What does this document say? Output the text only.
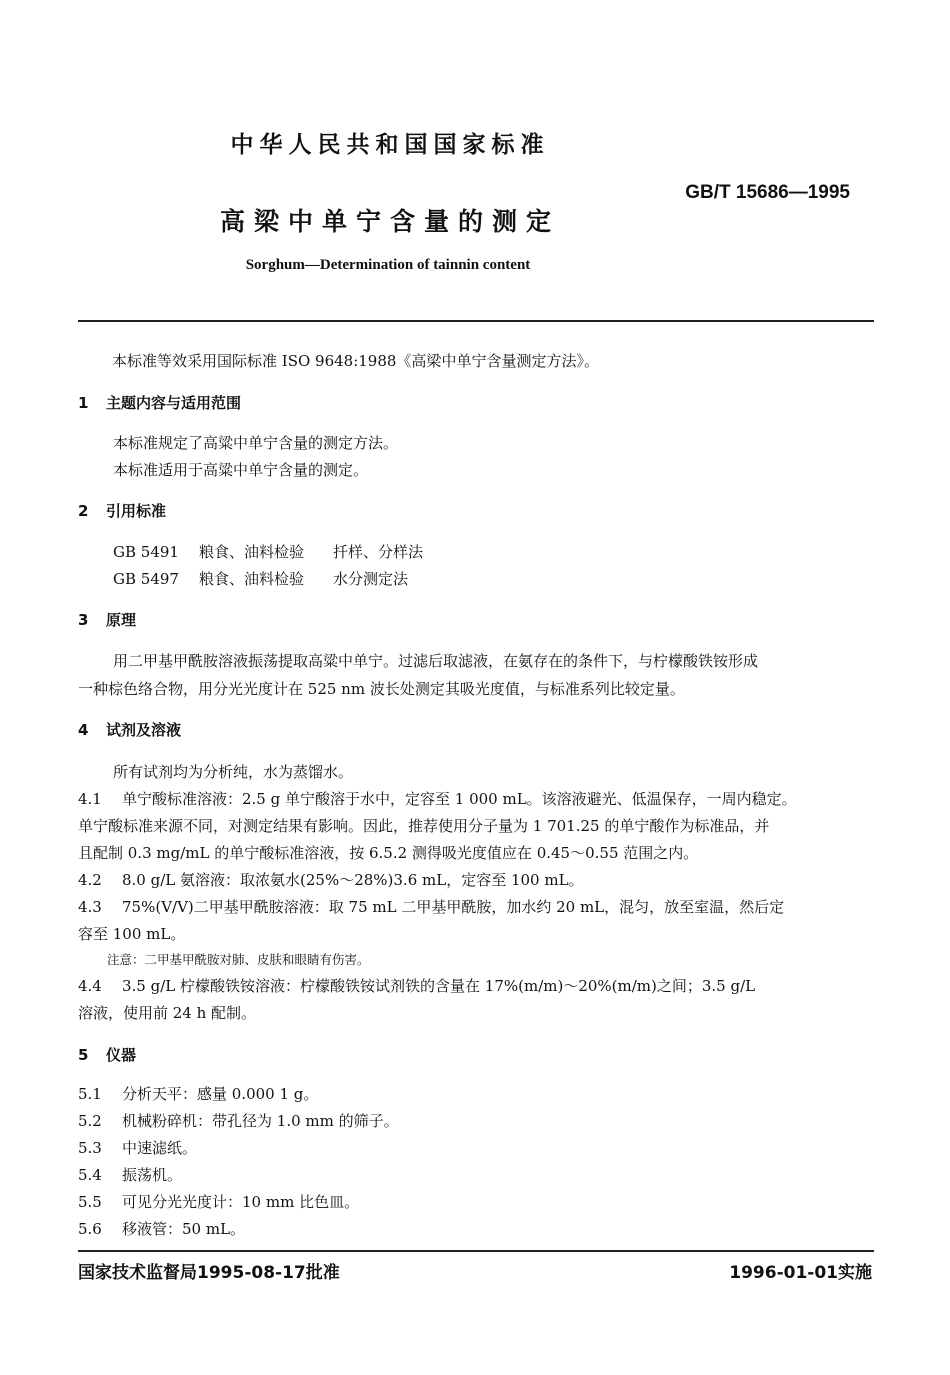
中华人民共和国国家标准
GB/T 15686—1995
高梁中单宁含量的测定
Sorghum—Determination of tainnin content
本标准等效采用国际标准 ISO 9648:1988《高梁中单宁含量测定方法》。
1 主题内容与适用范围
本标准规定了高粱中单宁含量的测定方法。
本标准适用于高粱中单宁含量的测定。
2 引用标准
GB 5491 粮食、油料检验 扦样、分样法
GB 5497 粮食、油料检验 水分测定法
3 原理
用二甲基甲酰胺溶液振荡提取高粱中单宁。过滤后取滤液，在氨存在的条件下，与柠檬酸铁铵形成
一种棕色络合物，用分光光度计在 525 nm 波长处测定其吸光度值，与标准系列比较定量。
4 试剂及溶液
所有试剂均为分析纯，水为蒸馏水。
4.1 单宁酸标准溶液：2.5 g 单宁酸溶于水中，定容至 1 000 mL。该溶液避光、低温保存，一周内稳定。
单宁酸标准来源不同，对测定结果有影响。因此，推荐使用分子量为 1 701.25 的单宁酸作为标准品，并
且配制 0.3 mg/mL 的单宁酸标准溶液，按 6.5.2 测得吸光度值应在 0.45～0.55 范围之内。
4.2 8.0 g/L 氨溶液：取浓氨水(25%～28%)3.6 mL，定容至 100 mL。
4.3 75%(V/V)二甲基甲酰胺溶液：取 75 mL 二甲基甲酰胺，加水约 20 mL，混匀，放至室温，然后定
容至 100 mL。
注意：二甲基甲酰胺对肺、皮肤和眼睛有伤害。
4.4 3.5 g/L 柠檬酸铁铵溶液：柠檬酸铁铵试剂铁的含量在 17%(m/m)～20%(m/m)之间；3.5 g/L
溶液，使用前 24 h 配制。
5 仪器
5.1 分析天平：感量 0.000 1 g。
5.2 机械粉碎机：带孔径为 1.0 mm 的筛子。
5.3 中速滤纸。
5.4 振荡机。
5.5 可见分光光度计：10 mm 比色皿。
5.6 移液管：50 mL。
国家技术监督局1995-08-17批准	1996-01-01实施
